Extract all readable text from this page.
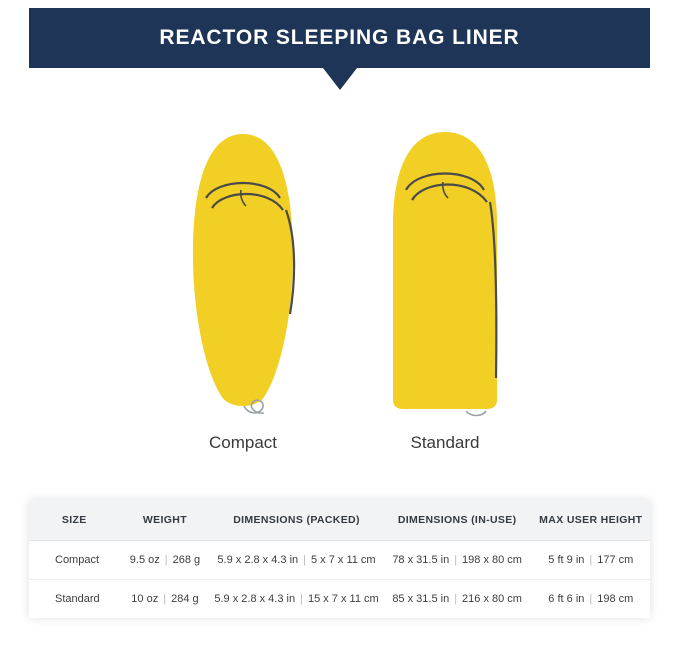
REACTOR SLEEPING BAG LINER
Compact	Standard
SIZE	WEIGHT	DIMENSIONS (PACKED)	DIMENSIONS (IN-USE)	MAX USER HEIGHT
Compact	9.5 oz | 268 g	5.9 x 2.8 x 4.3 in | 5 x 7 x 11 cm	78 x 31.5 in | 198 x 80 cm	5 ft 9 in | 177 cm
Standard	10 oz | 284 g	5.9 x 2.8 x 4.3 in | 15 x 7 x 11 cm	85 x 31.5 in | 216 x 80 cm	6 ft 6 in | 198 cm
